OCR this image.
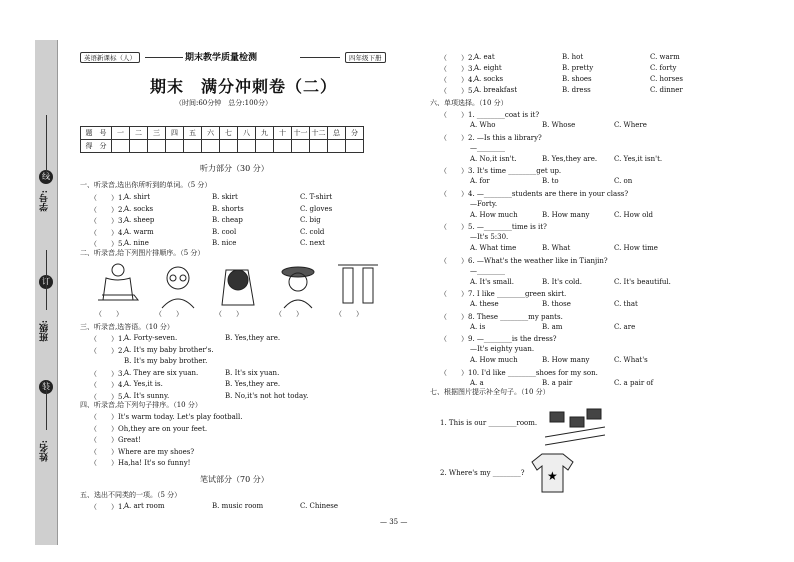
线
订
装
学号:
班级:
姓名:
英语新课标（人）	期末教学质量检测	四年级下册
期末　满分冲刺卷（二）
（时间:60分钟　总分:100分）
题　号	一	二	三	四	五	六	七	八	九	十	十一	十二	总	分
得　分														
听力部分（30 分）
一、听录音,选出你所听到的单词。（5 分）
（　　）1. A. shirt	B. skirt	C. T-shirt
（　　）2. A. socks	B. shorts	C. gloves
（　　）3. A. sheep	B. cheap	C. big
（　　）4. A. warm	B. cool	C. cold
（　　）5. A. nine	B. nice	C. next
二、听录音,给下列图片排顺序。（5 分）
（　　）	（　　）	（　　）	（　　）	（　　）
三、听录音,选答语。（10 分）
（　　）1. A. Forty-seven.	B. Yes,they are.
（　　）2. A. It's my baby brother's.
B. It's my baby brother.
（　　）3. A. They are six yuan.	B. It's six yuan.
（　　）4. A. Yes,it is.	B. Yes,they are.
（　　）5. A. It's sunny.	B. No,it's not hot today.
四、听录音,给下列句子排序。（10 分）
（　　）It's warm today. Let's play football.
（　　）Oh,they are on your feet.
（　　）Great!
（　　）Where are my shoes?
（　　）Ha,ha! It's so funny!
笔试部分（70 分）
五、选出不同类的一项。（5 分）
（　　）1. A. art room	B. music room	C. Chinese
（　　）2. A. eat	B. hot	C. warm
（　　）3. A. eight	B. pretty	C. forty
（　　）4. A. socks	B. shoes	C. horses
（　　）5. A. breakfast	B. dress	C. dinner
六、单项选择。（10 分）
（　　）1. ________coat is it?
A. Who	B. Whose	C. Where
（　　）2. —Is this a library?
—________
A. No,it isn't.	B. Yes,they are. C. Yes,it isn't.
（　　）3. It's time ________get up.
A. for	B. to	C. on
（　　）4. —________students are there in your class?
—Forty.
A. How much	B. How many	C. How old
（　　）5. —________time is it?
—It's 5:30.
A. What time	B. What	C. How time
（　　）6. —What's the weather like in Tianjin?
—________
A. It's small.	B. It's cold.	C. It's beautiful.
（　　）7. I like ________green skirt.
A. these	B. those	C. that
（　　）8. These ________my pants.
A. is	B. am	C. are
（　　）9. —________is the dress?
—It's eighty yuan.
A. How much	B. How many	C. What's
（　　）10. I'd like ________shoes for my son.
A. a	B. a pair	C. a pair of
七、根据图片提示补全句子。（10 分）
1. This is our ________room.
2. Where's my ________? ★
— 35 —
